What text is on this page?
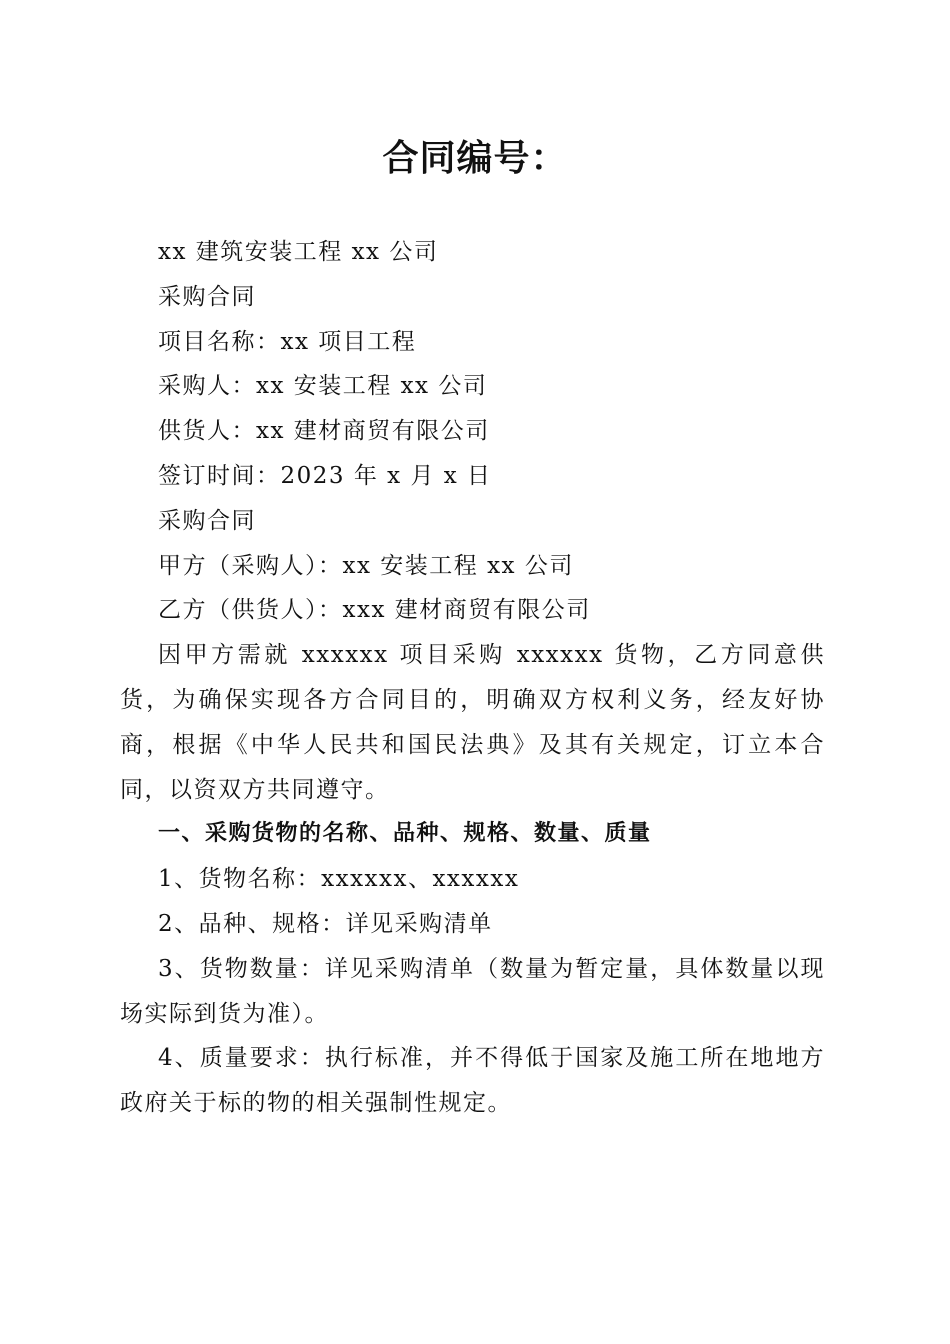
合同编号：

xx 建筑安装工程 xx 公司

采购合同

项目名称：xx 项目工程

采购人：xx 安装工程 xx 公司

供货人：xx 建材商贸有限公司

签订时间：2023 年 x 月 x 日

采购合同

甲方（采购人）：xx 安装工程 xx 公司

乙方（供货人）：xxx 建材商贸有限公司

因甲方需就 xxxxxx 项目采购 xxxxxx 货物，乙方同意供货，为确保实现各方合同目的，明确双方权利义务，经友好协商，根据《中华人民共和国民法典》及其有关规定，订立本合同，以资双方共同遵守。

一、采购货物的名称、品种、规格、数量、质量

1、货物名称：xxxxxx、xxxxxx

2、品种、规格：详见采购清单

3、货物数量：详见采购清单（数量为暂定量，具体数量以现场实际到货为准）。

4、质量要求：执行标准，并不得低于国家及施工所在地地方政府关于标的物的相关强制性规定。
